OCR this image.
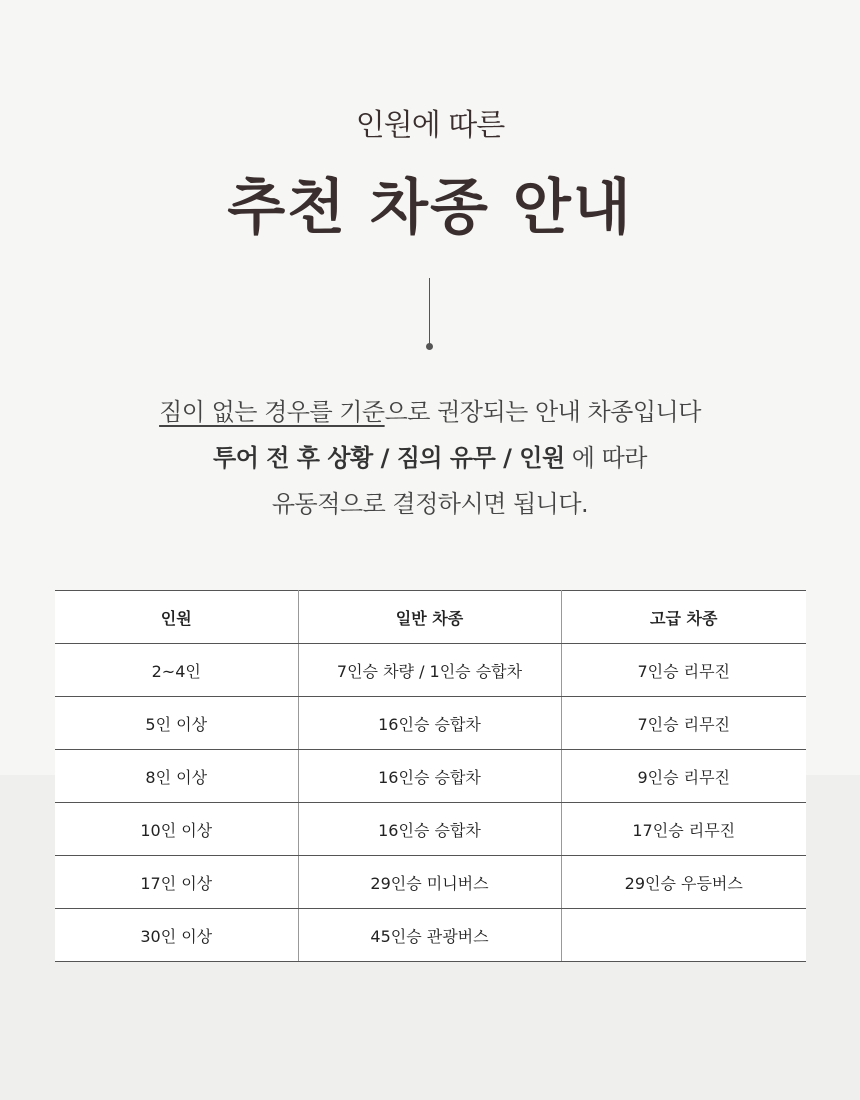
인원에 따른
추천 차종 안내
짐이 없는 경우를 기준으로 권장되는 안내 차종입니다
투어 전 후 상황 / 짐의 유무 / 인원 에 따라
유동적으로 결정하시면 됩니다.
인원	일반 차종	고급 차종
2~4인	7인승 차량 / 1인승 승합차	7인승 리무진
5인 이상	16인승 승합차	7인승 리무진
8인 이상	16인승 승합차	9인승 리무진
10인 이상	16인승 승합차	17인승 리무진
17인 이상	29인승 미니버스	29인승 우등버스
30인 이상	45인승 관광버스	
